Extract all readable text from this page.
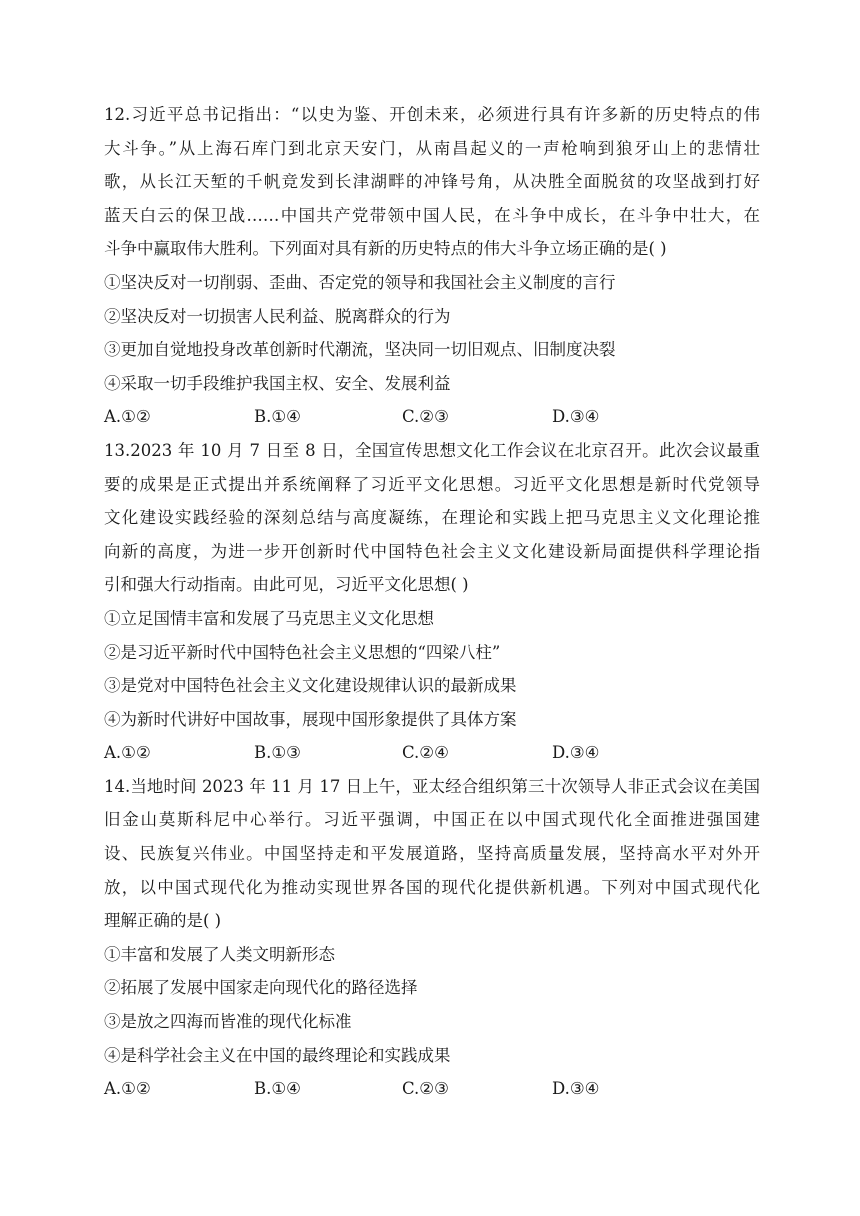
12.习近平总书记指出：“以史为鉴、开创未来，必须进行具有许多新的历史特点的伟
大斗争。”从上海石库门到北京天安门，从南昌起义的一声枪响到狼牙山上的悲情壮
歌，从长江天堑的千帆竞发到长津湖畔的冲锋号角，从决胜全面脱贫的攻坚战到打好
蓝天白云的保卫战……中国共产党带领中国人民，在斗争中成长，在斗争中壮大，在
斗争中赢取伟大胜利。下列面对具有新的历史特点的伟大斗争立场正确的是( )
①坚决反对一切削弱、歪曲、否定党的领导和我国社会主义制度的言行
②坚决反对一切损害人民利益、脱离群众的行为
③更加自觉地投身改革创新时代潮流，坚决同一切旧观点、旧制度决裂
④采取一切手段维护我国主权、安全、发展利益
A.①②	B.①④	C.②③	D.③④
13.2023 年 10 月 7 日至 8 日，全国宣传思想文化工作会议在北京召开。此次会议最重
要的成果是正式提出并系统阐释了习近平文化思想。习近平文化思想是新时代党领导
文化建设实践经验的深刻总结与高度凝练，在理论和实践上把马克思主义文化理论推
向新的高度，为进一步开创新时代中国特色社会主义文化建设新局面提供科学理论指
引和强大行动指南。由此可见，习近平文化思想( )
①立足国情丰富和发展了马克思主义文化思想
②是习近平新时代中国特色社会主义思想的“四梁八柱”
③是党对中国特色社会主义文化建设规律认识的最新成果
④为新时代讲好中国故事，展现中国形象提供了具体方案
A.①②	B.①③	C.②④	D.③④
14.当地时间 2023 年 11 月 17 日上午，亚太经合组织第三十次领导人非正式会议在美国
旧金山莫斯科尼中心举行。习近平强调，中国正在以中国式现代化全面推进强国建
设、民族复兴伟业。中国坚持走和平发展道路，坚持高质量发展，坚持高水平对外开
放，以中国式现代化为推动实现世界各国的现代化提供新机遇。下列对中国式现代化
理解正确的是( )
①丰富和发展了人类文明新形态
②拓展了发展中国家走向现代化的路径选择
③是放之四海而皆准的现代化标准
④是科学社会主义在中国的最终理论和实践成果
A.①②	B.①④	C.②③	D.③④
